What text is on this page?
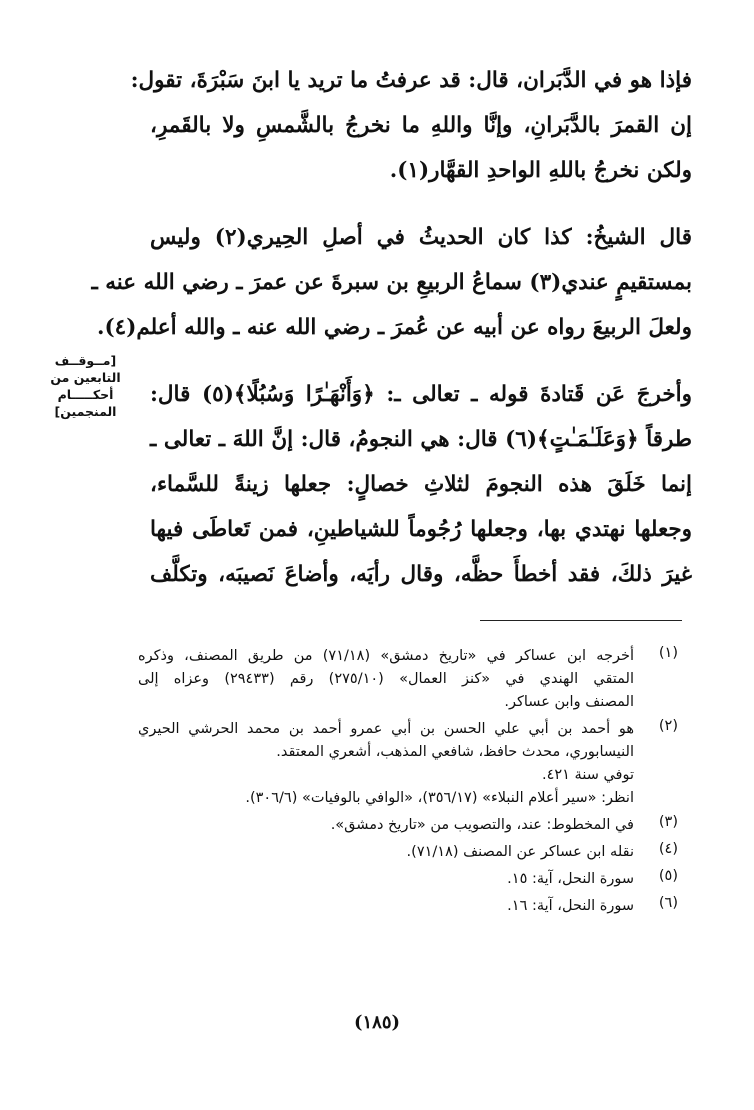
فإذا هو في الدَّبَران، قال: قد عرفتُ ما تريد يا ابنَ سَبْرَةَ، تقول:
إن القمرَ بالدَّبَرانِ، وإنَّا واللهِ ما نخرجُ بالشَّمسِ ولا بالقَمرِ،
ولكن نخرجُ باللهِ الواحدِ القهَّار(١).
قال الشيخُ: كذا كان الحديثُ في أصلِ الحِيري(٢) وليس
بمستقيمٍ عندي(٣) سماعُ الربيعِ بن سبرةَ عن عمرَ ـ رضي الله عنه ـ
ولعلَ الربيعَ رواه عن أبيه عن عُمرَ ـ رضي الله عنه ـ والله أعلم(٤).
وأخرجَ عَن قَتادةَ قوله ـ تعالى ـ: ﴿وَأَنْهَـٰرًا وَسُبُلًا﴾(٥) قال:
طرقاً ﴿وَعَلَـٰمَـٰتٍ﴾(٦) قال: هي النجومُ، قال: إنَّ اللهَ ـ تعالى ـ
إنما خَلَقَ هذه النجومَ لثلاثِ خصالٍ: جعلها زينةً للسَّماء،
وجعلها نهتدي بها، وجعلها رُجُوماً للشياطينِ، فمن تَعاطَى فيها
غيرَ ذلكَ، فقد أخطأَ حظَّه، وقال رأيَه، وأضاعَ نَصيبَه، وتكلَّف
[مــوقــف
التابعين من
أحكـــــام
المنجمين]
(١)
أخرجه ابن عساكر في «تاريخ دمشق» (٧١/١٨) من طريق المصنف، وذكره
المتقي الهندي في «كنز العمال» (٢٧٥/١٠) رقم (٢٩٤٣٣) وعزاه إلى
المصنف وابن عساكر.
(٢)
هو أحمد بن أبي علي الحسن بن أبي عمرو أحمد بن محمد الحرشي الحيري
النيسابوري، محدث حافظ، شافعي المذهب، أشعري المعتقد.
توفي سنة ٤٢١.
انظر: «سير أعلام النبلاء» (٣٥٦/١٧)، «الوافي بالوفيات» (٣٠٦/٦).
(٣)
في المخطوط: عند، والتصويب من «تاريخ دمشق».
(٤)
نقله ابن عساكر عن المصنف (٧١/١٨).
(٥)
سورة النحل، آية: ١٥.
(٦)
سورة النحل، آية: ١٦.
(١٨٥)
